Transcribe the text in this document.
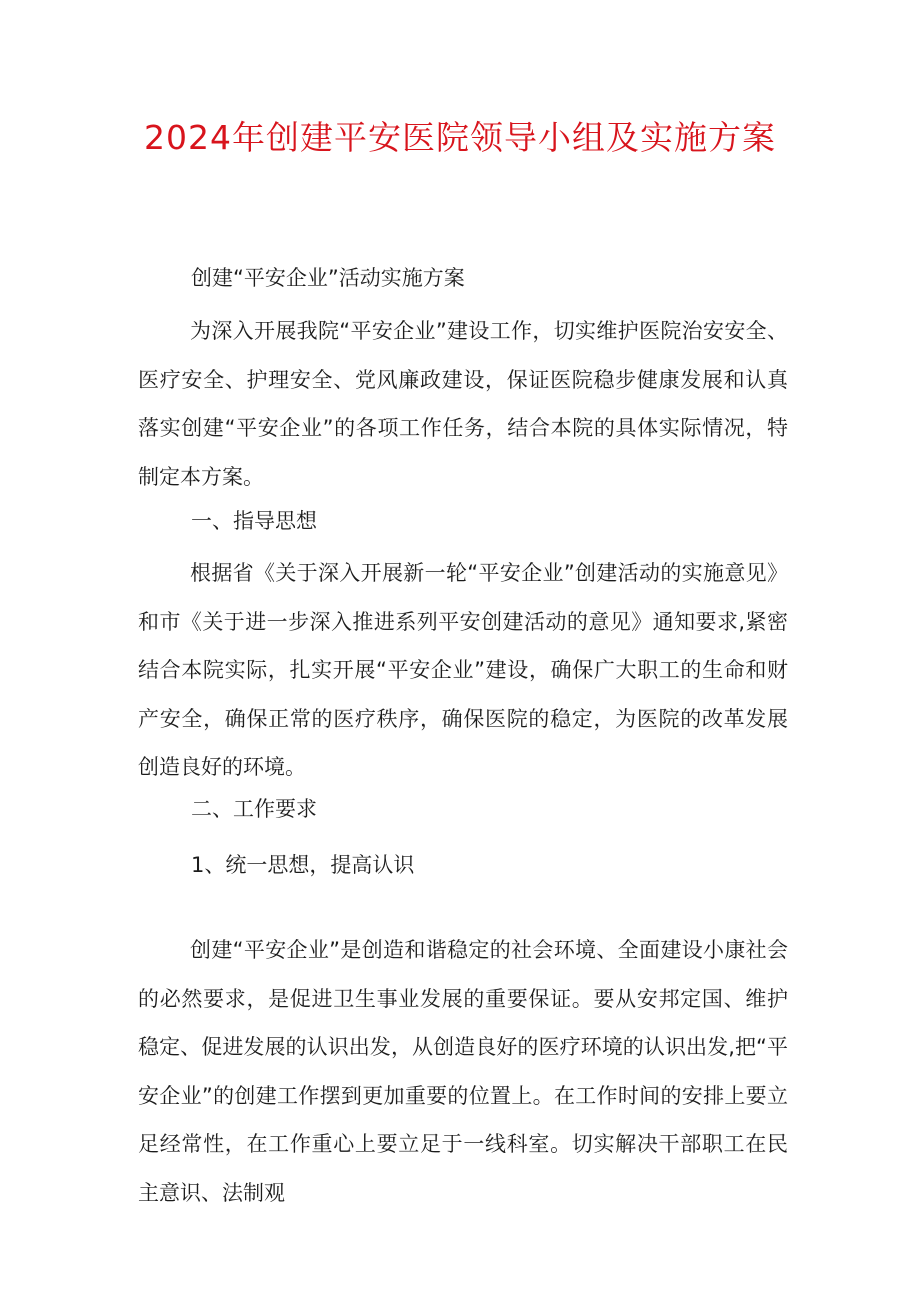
2024年创建平安医院领导小组及实施方案

创建“平安企业”活动实施方案

为深入开展我院“平安企业”建设工作，切实维护医院治安安全、医疗安全、护理安全、党风廉政建设，保证医院稳步健康发展和认真落实创建“平安企业”的各项工作任务，结合本院的具体实际情况，特制定本方案。

一、指导思想

根据省《关于深入开展新一轮“平安企业”创建活动的实施意见》和市《关于进一步深入推进系列平安创建活动的意见》通知要求,紧密结合本院实际，扎实开展“平安企业”建设，确保广大职工的生命和财产安全，确保正常的医疗秩序，确保医院的稳定，为医院的改革发展创造良好的环境。

二、工作要求

1、统一思想，提高认识

创建“平安企业”是创造和谐稳定的社会环境、全面建设小康社会的必然要求，是促进卫生事业发展的重要保证。要从安邦定国、维护稳定、促进发展的认识出发，从创造良好的医疗环境的认识出发,把“平安企业”的创建工作摆到更加重要的位置上。在工作时间的安排上要立足经常性，在工作重心上要立足于一线科室。切实解决干部职工在民主意识、法制观
